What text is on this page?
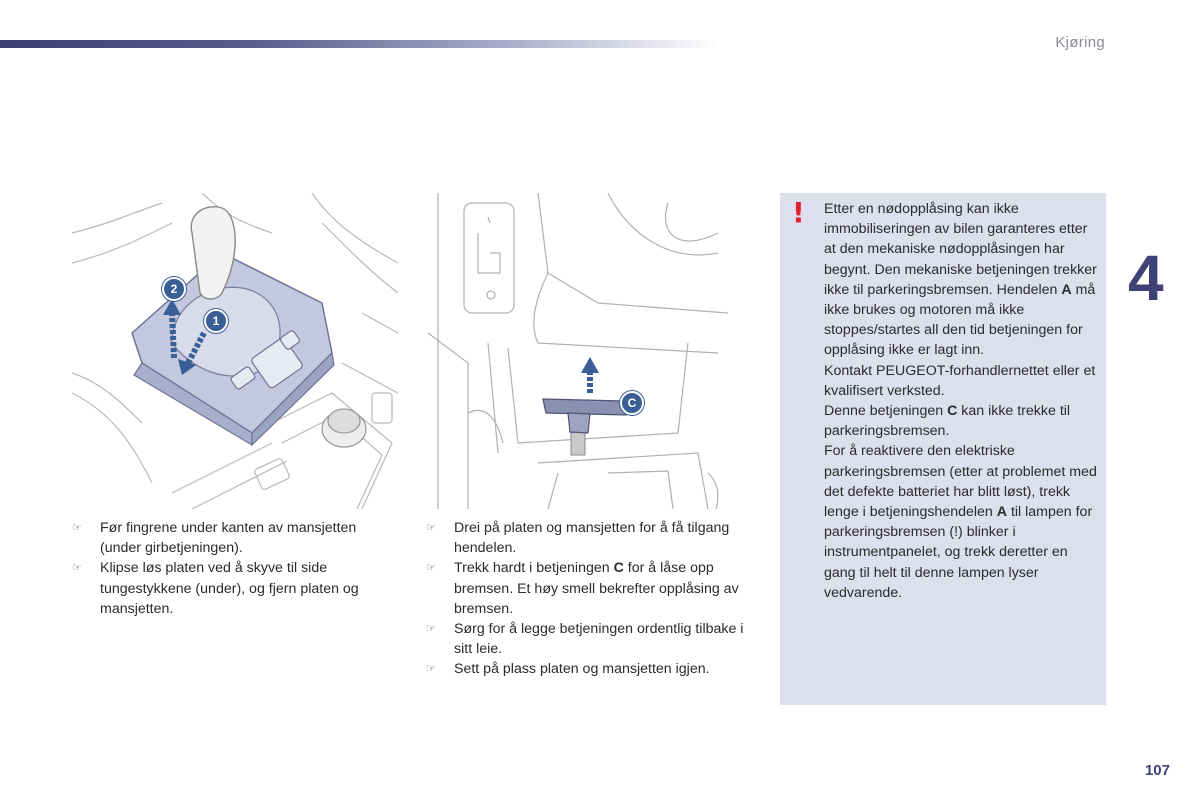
Kjøring
4
107
2
1
C
☞ Før fingrene under kanten av mansjetten (under girbetjeningen).
☞ Klipse løs platen ved å skyve til side tungestykkene (under), og fjern platen og mansjetten.
☞ Drei på platen og mansjetten for å få tilgang hendelen.
☞ Trekk hardt i betjeningen C for å låse opp bremsen. Et høy smell bekrefter opplåsing av bremsen.
☞ Sørg for å legge betjeningen ordentlig tilbake i sitt leie.
☞ Sett på plass platen og mansjetten igjen.
! Etter en nødopplåsing kan ikke immobiliseringen av bilen garanteres etter at den mekaniske nødopplåsingen har begynt. Den mekaniske betjeningen trekker ikke til parkeringsbremsen. Hendelen A må ikke brukes og motoren må ikke stoppes/startes all den tid betjeningen for opplåsing ikke er lagt inn.

Kontakt PEUGEOT-forhandlernettet eller et kvalifisert verksted.

Denne betjeningen C kan ikke trekke til parkeringsbremsen.

For å reaktivere den elektriske parkeringsbremsen (etter at problemet med det defekte batteriet har blitt løst), trekk lenge i betjeningshendelen A til lampen for parkeringsbremsen (!) blinker i instrumentpanelet, og trekk deretter en gang til helt til denne lampen lyser vedvarende.
